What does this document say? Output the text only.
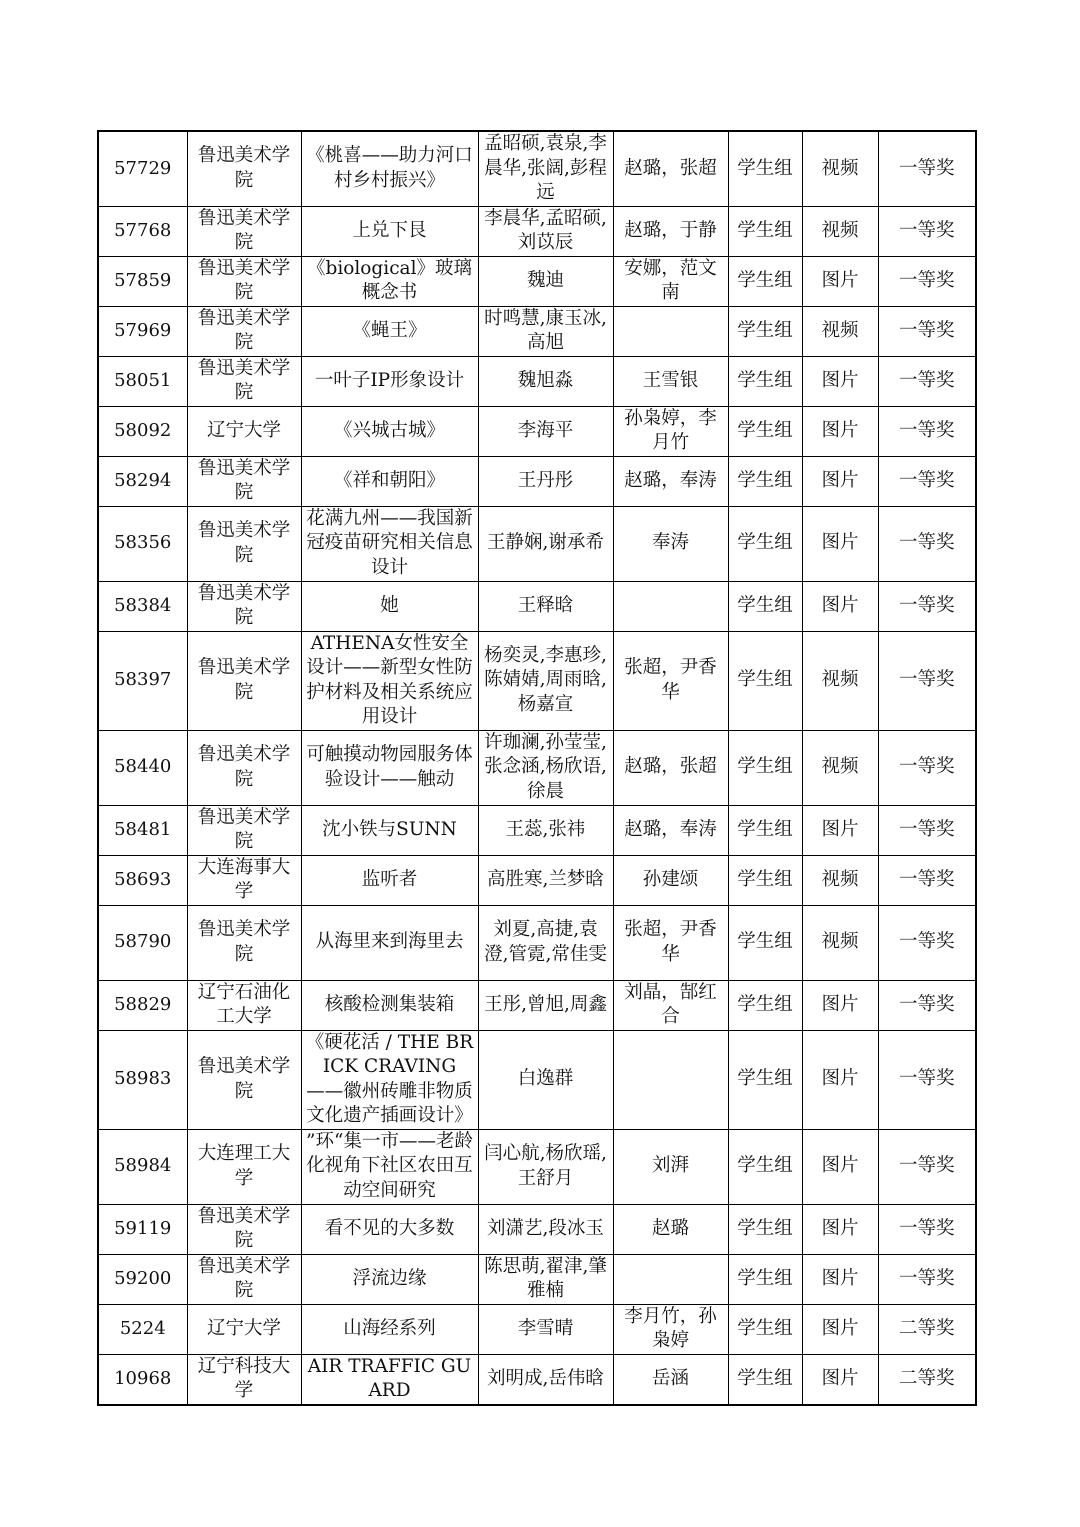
57729	鲁迅美术学院	《桃喜——助力河口村乡村振兴》	孟昭硕,袁泉,李晨华,张阔,彭程远	赵璐，张超	学生组	视频	一等奖
57768	鲁迅美术学院	上兑下艮	李晨华,孟昭硕,刘苡辰	赵璐，于静	学生组	视频	一等奖
57859	鲁迅美术学院	《biological》玻璃概念书	魏迪	安娜，范文南	学生组	图片	一等奖
57969	鲁迅美术学院	《蝇王》	时鸣慧,康玉冰,高旭		学生组	视频	一等奖
58051	鲁迅美术学院	一叶子IP形象设计	魏旭淼	王雪银	学生组	图片	一等奖
58092	辽宁大学	《兴城古城》	李海平	孙枭婷，李月竹	学生组	图片	一等奖
58294	鲁迅美术学院	《祥和朝阳》	王丹彤	赵璐，奉涛	学生组	图片	一等奖
58356	鲁迅美术学院	花满九州——我国新冠疫苗研究相关信息设计	王静娴,谢承希	奉涛	学生组	图片	一等奖
58384	鲁迅美术学院	她	王释晗		学生组	图片	一等奖
58397	鲁迅美术学院	ATHENA女性安全设计——新型女性防护材料及相关系统应用设计	杨奕灵,李惠珍,陈婧婧,周雨晗,杨嘉宣	张超，尹香华	学生组	视频	一等奖
58440	鲁迅美术学院	可触摸动物园服务体验设计——触动	许珈澜,孙莹莹,张念涵,杨欣语,徐晨	赵璐，张超	学生组	视频	一等奖
58481	鲁迅美术学院	沈小铁与SUNN	王蕊,张祎	赵璐，奉涛	学生组	图片	一等奖
58693	大连海事大学	监听者	高胜寒,兰梦晗	孙建颂	学生组	视频	一等奖
58790	鲁迅美术学院	从海里来到海里去	刘夏,高捷,袁澄,管霓,常佳雯	张超，尹香华	学生组	视频	一等奖
58829	辽宁石油化工大学	核酸检测集装箱	王彤,曾旭,周鑫	刘晶，郜红合	学生组	图片	一等奖
58983	鲁迅美术学院	《硬花活 / THE BRICK CRAVING——徽州砖雕非物质文化遗产插画设计》	白逸群		学生组	图片	一等奖
58984	大连理工大学	”环“集一市——老龄化视角下社区农田互动空间研究	闫心航,杨欣瑶,王舒月	刘湃	学生组	图片	一等奖
59119	鲁迅美术学院	看不见的大多数	刘潇艺,段冰玉	赵璐	学生组	图片	一等奖
59200	鲁迅美术学院	浮流边缘	陈思萌,翟津,肇雅楠		学生组	图片	一等奖
5224	辽宁大学	山海经系列	李雪晴	李月竹，孙枭婷	学生组	图片	二等奖
10968	辽宁科技大学	AIR TRAFFIC GUARD	刘明成,岳伟晗	岳涵	学生组	图片	二等奖
